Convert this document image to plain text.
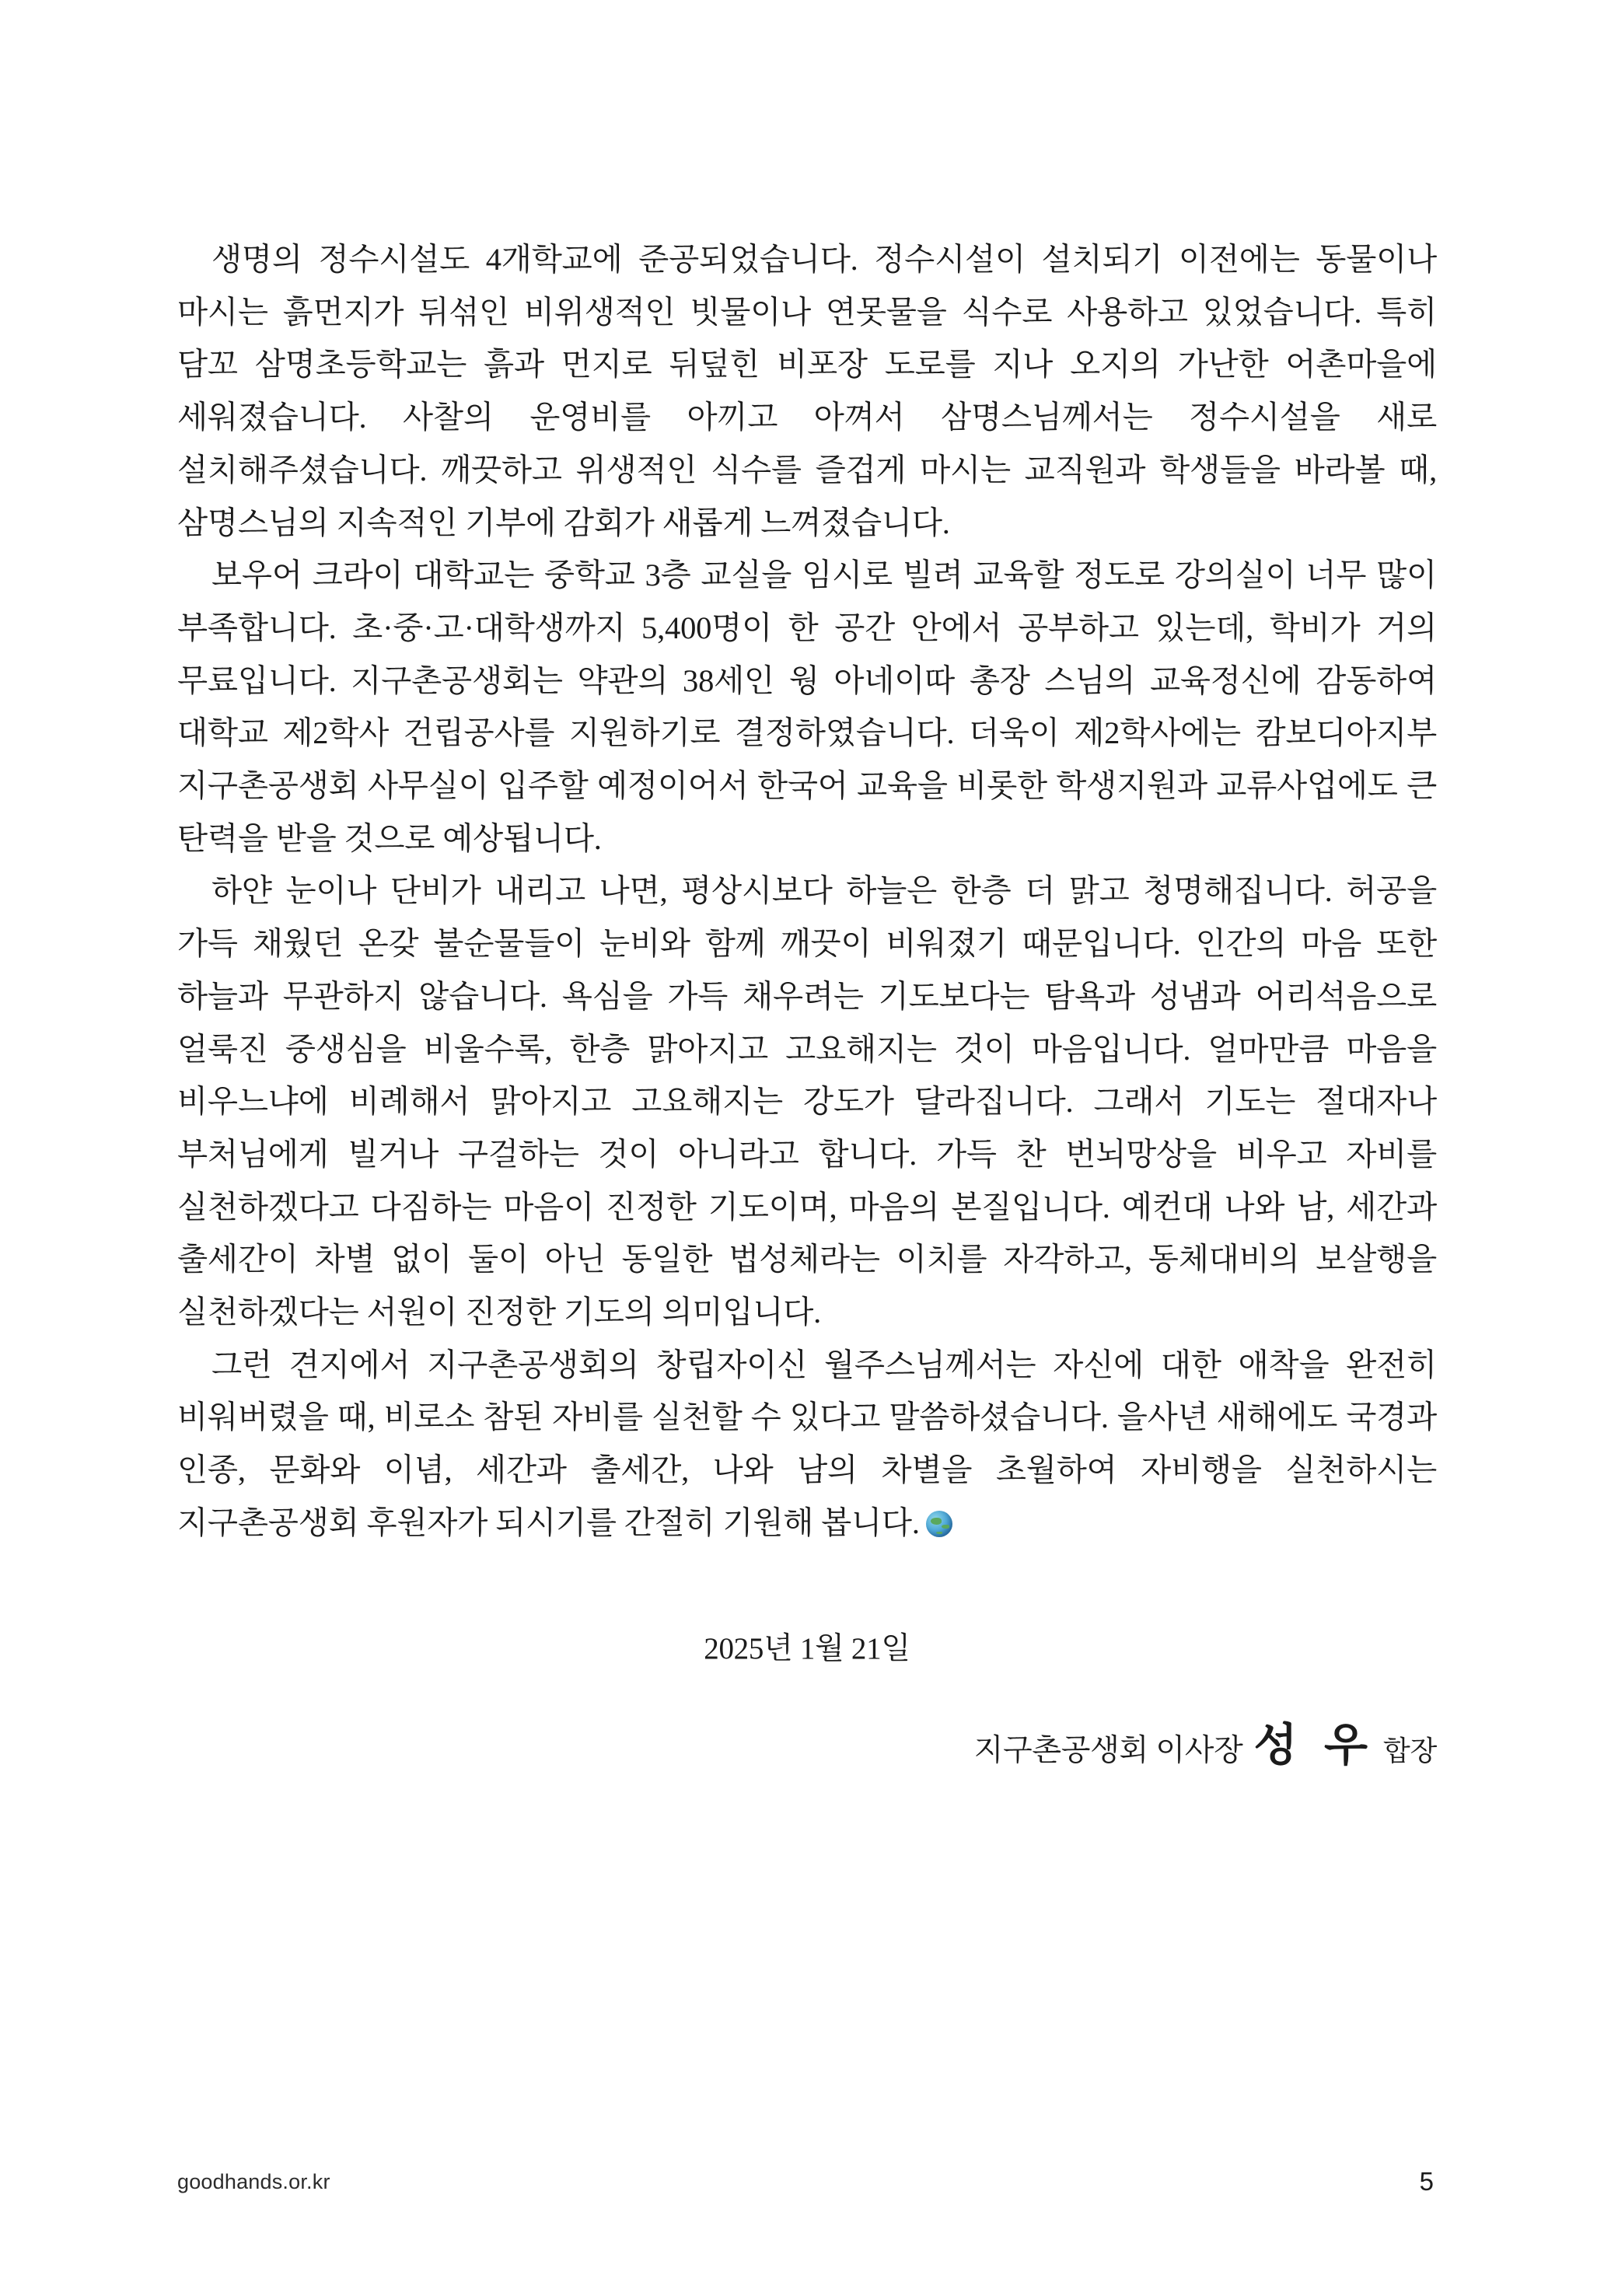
생명의 정수시설도 4개학교에 준공되었습니다. 정수시설이 설치되기 이전에는 동물이나 마시는 흙먼지가 뒤섞인 비위생적인 빗물이나 연못물을 식수로 사용하고 있었습니다. 특히 담꼬 삼명초등학교는 흙과 먼지로 뒤덮힌 비포장 도로를 지나 오지의 가난한 어촌마을에 세워졌습니다. 사찰의 운영비를 아끼고 아껴서 삼명스님께서는 정수시설을 새로 설치해주셨습니다. 깨끗하고 위생적인 식수를 즐겁게 마시는 교직원과 학생들을 바라볼 때, 삼명스님의 지속적인 기부에 감회가 새롭게 느껴졌습니다.

보우어 크라이 대학교는 중학교 3층 교실을 임시로 빌려 교육할 정도로 강의실이 너무 많이 부족합니다. 초·중·고·대학생까지 5,400명이 한 공간 안에서 공부하고 있는데, 학비가 거의 무료입니다. 지구촌공생회는 약관의 38세인 웡 아네이따 총장 스님의 교육정신에 감동하여 대학교 제2학사 건립공사를 지원하기로 결정하였습니다. 더욱이 제2학사에는 캄보디아지부 지구촌공생회 사무실이 입주할 예정이어서 한국어 교육을 비롯한 학생지원과 교류사업에도 큰 탄력을 받을 것으로 예상됩니다.

하얀 눈이나 단비가 내리고 나면, 평상시보다 하늘은 한층 더 맑고 청명해집니다. 허공을 가득 채웠던 온갖 불순물들이 눈비와 함께 깨끗이 비워졌기 때문입니다. 인간의 마음 또한 하늘과 무관하지 않습니다. 욕심을 가득 채우려는 기도보다는 탐욕과 성냄과 어리석음으로 얼룩진 중생심을 비울수록, 한층 맑아지고 고요해지는 것이 마음입니다. 얼마만큼 마음을 비우느냐에 비례해서 맑아지고 고요해지는 강도가 달라집니다. 그래서 기도는 절대자나 부처님에게 빌거나 구걸하는 것이 아니라고 합니다. 가득 찬 번뇌망상을 비우고 자비를 실천하겠다고 다짐하는 마음이 진정한 기도이며, 마음의 본질입니다. 예컨대 나와 남, 세간과 출세간이 차별 없이 둘이 아닌 동일한 법성체라는 이치를 자각하고, 동체대비의 보살행을 실천하겠다는 서원이 진정한 기도의 의미입니다.

그런 견지에서 지구촌공생회의 창립자이신 월주스님께서는 자신에 대한 애착을 완전히 비워버렸을 때, 비로소 참된 자비를 실천할 수 있다고 말씀하셨습니다. 을사년 새해에도 국경과 인종, 문화와 이념, 세간과 출세간, 나와 남의 차별을 초월하여 자비행을 실천하시는 지구촌공생회 후원자가 되시기를 간절히 기원해 봅니다.

2025년 1월 21일
지구촌공생회 이사장 성 우 합장
goodhands.or.kr	5
